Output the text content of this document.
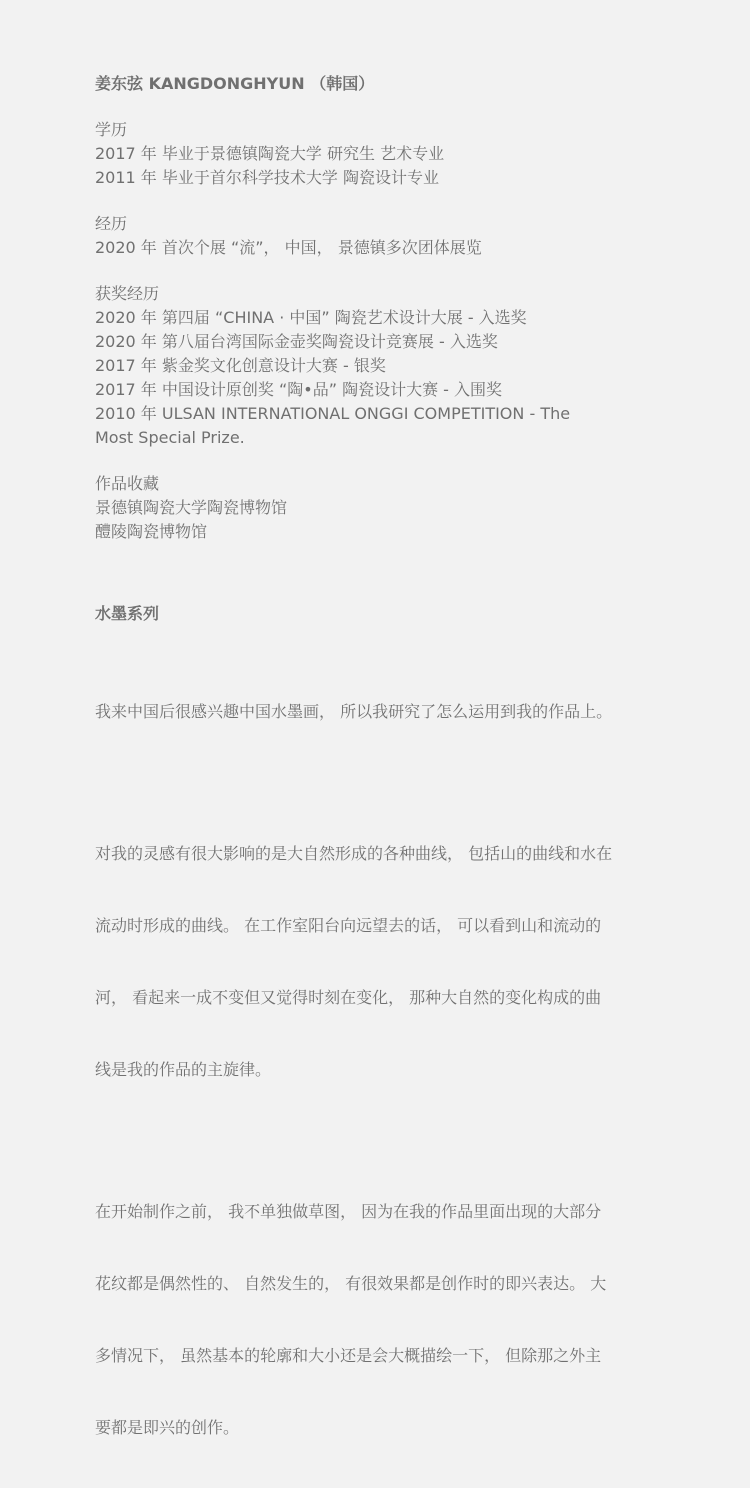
姜东弦 KANGDONGHYUN （韩国）
学历
2017 年 毕业于景德镇陶瓷大学 研究生 艺术专业
2011 年 毕业于首尔科学技术大学 陶瓷设计专业
经历
2020 年 首次个展 “流”， 中国， 景德镇多次团体展览
获奖经历
2020 年 第四届 “CHINA · 中国” 陶瓷艺术设计大展 - 入选奖
2020 年 第八届台湾国际金壶奖陶瓷设计竞赛展 - 入选奖
2017 年 紫金奖文化创意设计大赛 - 银奖
2017 年 中国设计原创奖 “陶•品” 陶瓷设计大赛 - 入围奖
2010 年 ULSAN INTERNATIONAL ONGGI COMPETITION - The
Most Special Prize.
作品收藏
景德镇陶瓷大学陶瓷博物馆
醴陵陶瓷博物馆
水墨系列

我来中国后很感兴趣中国水墨画， 所以我研究了怎么运用到我的作品上。

对我的灵感有很大影响的是大自然形成的各种曲线， 包括山的曲线和水在

流动时形成的曲线。 在工作室阳台向远望去的话， 可以看到山和流动的

河， 看起来一成不变但又觉得时刻在变化， 那种大自然的变化构成的曲

线是我的作品的主旋律。

在开始制作之前， 我不单独做草图， 因为在我的作品里面出现的大部分

花纹都是偶然性的、 自然发生的， 有很效果都是创作时的即兴表达。 大

多情况下， 虽然基本的轮廓和大小还是会大概描绘一下， 但除那之外主

要都是即兴的创作。
